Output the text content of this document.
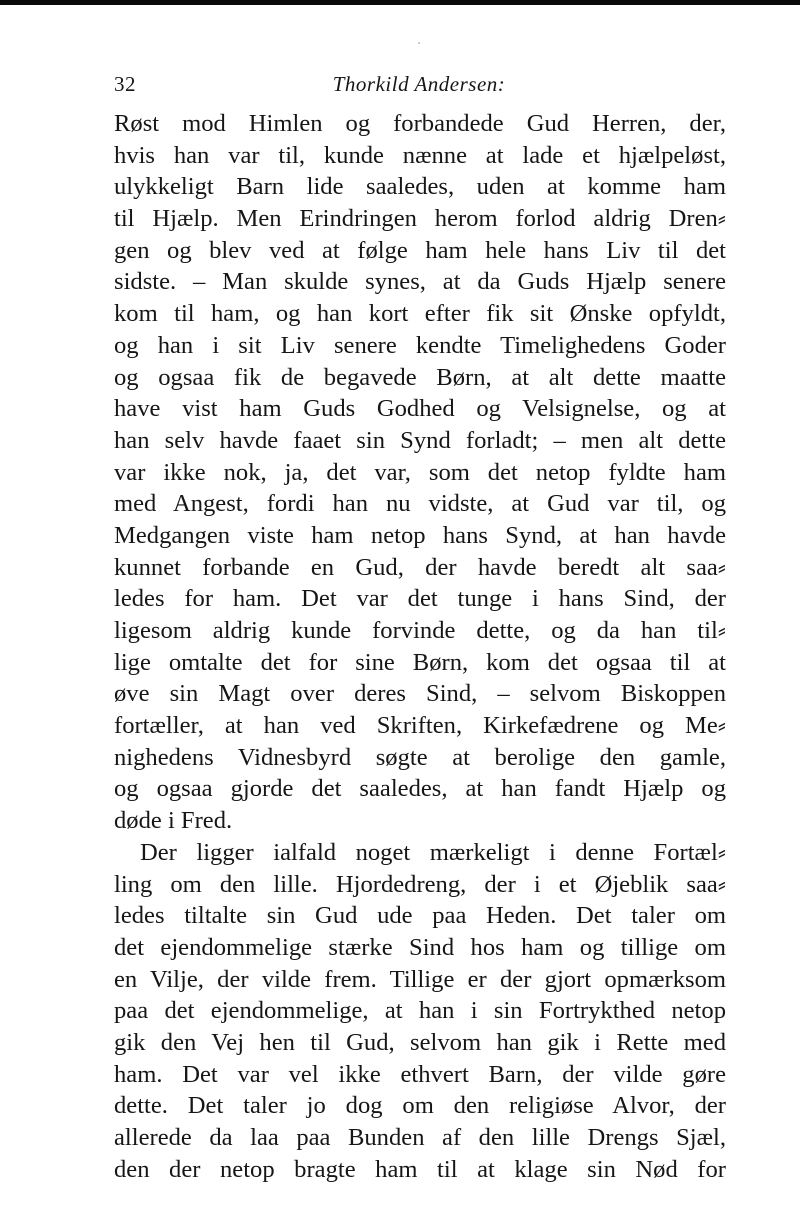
32	Thorkild Andersen:
Røst mod Himlen og forbandede Gud Herren, der,
hvis han var til, kunde nænne at lade et hjælpeløst,
ulykkeligt Barn lide saaledes, uden at komme ham
til Hjælp. Men Erindringen herom forlod aldrig Dren⸗
gen og blev ved at følge ham hele hans Liv til det
sidste. – Man skulde synes, at da Guds Hjælp senere
kom til ham, og han kort efter fik sit Ønske opfyldt,
og han i sit Liv senere kendte Timelighedens Goder
og ogsaa fik de begavede Børn, at alt dette maatte
have vist ham Guds Godhed og Velsignelse, og at
han selv havde faaet sin Synd forladt; – men alt dette
var ikke nok, ja, det var, som det netop fyldte ham
med Angest, fordi han nu vidste, at Gud var til, og
Medgangen viste ham netop hans Synd, at han havde
kunnet forbande en Gud, der havde beredt alt saa⸗
ledes for ham. Det var det tunge i hans Sind, der
ligesom aldrig kunde forvinde dette, og da han til⸗
lige omtalte det for sine Børn, kom det ogsaa til at
øve sin Magt over deres Sind, – selvom Biskoppen
fortæller, at han ved Skriften, Kirkefædrene og Me⸗
nighedens Vidnesbyrd søgte at berolige den gamle,
og ogsaa gjorde det saaledes, at han fandt Hjælp og
døde i Fred.
Der ligger ialfald noget mærkeligt i denne Fortæl⸗
ling om den lille. Hjordedreng, der i et Øjeblik saa⸗
ledes tiltalte sin Gud ude paa Heden. Det taler om
det ejendommelige stærke Sind hos ham og tillige om
en Vilje, der vilde frem. Tillige er der gjort opmærksom
paa det ejendommelige, at han i sin Fortrykthed netop
gik den Vej hen til Gud, selvom han gik i Rette med
ham. Det var vel ikke ethvert Barn, der vilde gøre
dette. Det taler jo dog om den religiøse Alvor, der
allerede da laa paa Bunden af den lille Drengs Sjæl,
den der netop bragte ham til at klage sin Nød for
